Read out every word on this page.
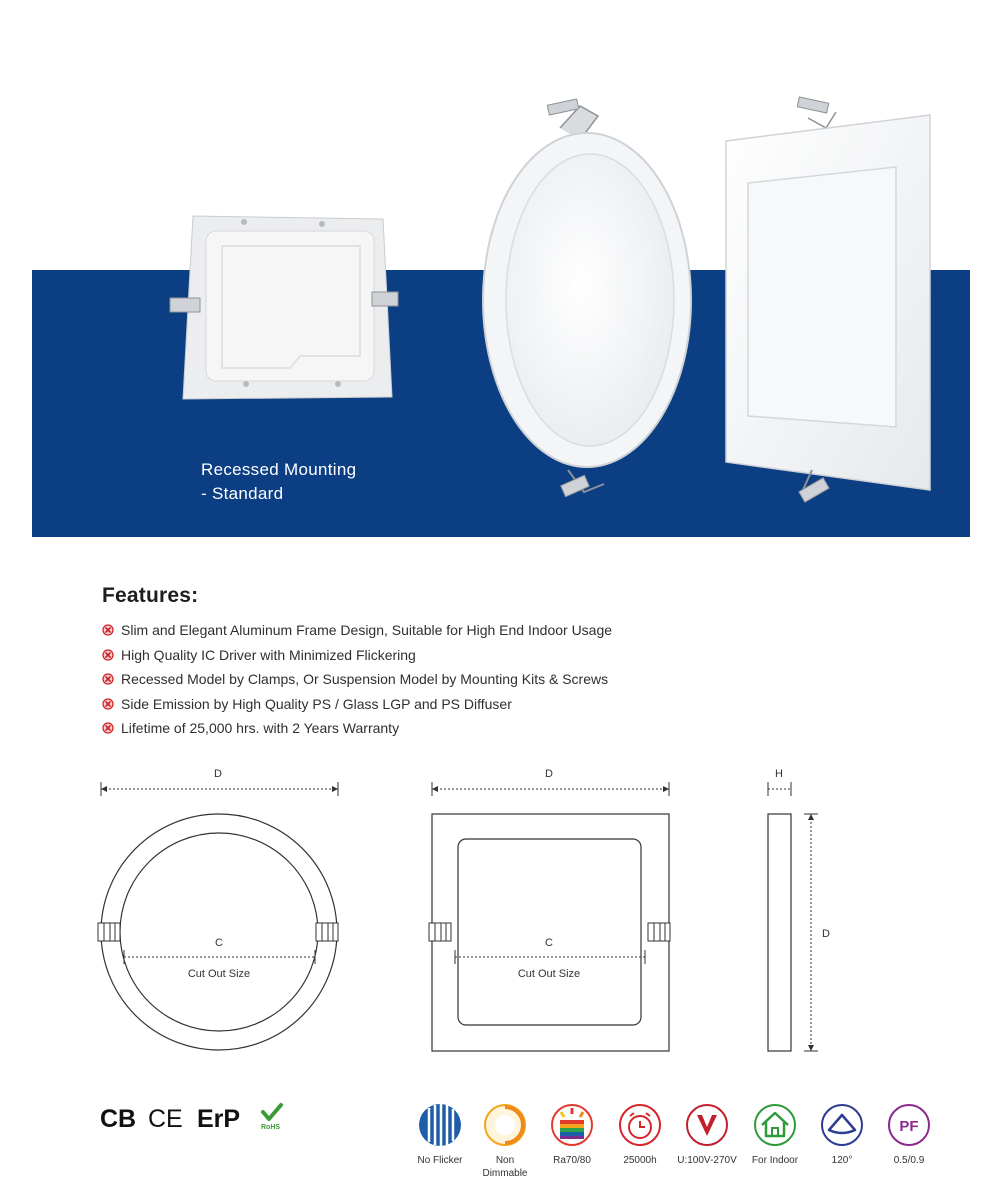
Recessed Mounting
- Standard
Features:
Slim and Elegant Aluminum Frame Design, Suitable for High End Indoor Usage
High Quality IC Driver with Minimized Flickering
Recessed Model by Clamps, Or Suspension Model by Mounting Kits & Screws
Side Emission by High Quality PS / Glass LGP and PS Diffuser
Lifetime of 25,000 hrs. with 2 Years Warranty
D
C
Cut Out Size
D
C
Cut Out Size
H
D
CB CE ErP	RoHS
No Flicker	Non
Dimmable
Ra70/80	25000h	U:100V-270V	For Indoor	120°
PF
0.5/0.9
